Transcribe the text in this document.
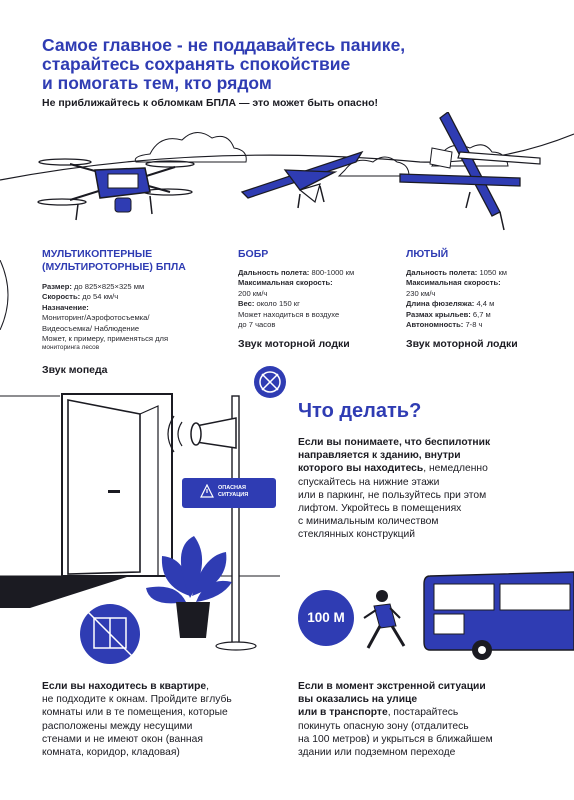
Самое главное - не поддавайтесь панике,
старайтесь сохранять спокойствие
и помогать тем, кто рядом
Не приближайтесь к обломкам БПЛА — это может быть опасно!
МУЛЬТИКОПТЕРНЫЕ
(МУЛЬТИРОТОРНЫЕ) БПЛА
Размер: до 825×825×325 мм
Скорость: до 54 км/ч
Назначение:
Мониторинг/Аэрофотосъемка/
Видеосъемка/ Наблюдение
Может, к примеру, применяться для
мониторинга лесов
Звук мопеда
БОБР
Дальность полета: 800-1000 км
Максимальная скорость:
200 км/ч
Вес: около 150 кг
Может находиться в воздухе
до 7 часов
Звук моторной лодки
ЛЮТЫЙ
Дальность полета: 1050 км
Максимальная скорость:
230 км/ч
Длина фюзеляжа: 4,4 м
Размах крыльев: 6,7 м
Автономность: 7-8 ч
Звук моторной лодки
ОПАСНАЯ
СИТУАЦИЯ
Что делать?
Если вы понимаете, что беспилотник
направляется к зданию, внутри
которого вы находитесь, немедленно
спускайтесь на нижние этажи
или в паркинг, не пользуйтесь при этом
лифтом. Укройтесь в помещениях
с минимальным количеством
стеклянных конструкций
100 М
Если вы находитесь в квартире,
не подходите к окнам. Пройдите вглубь
комнаты или в те помещения, которые
расположены между несущими
стенами и не имеют окон (ванная
комната, коридор, кладовая)
Если в момент экстренной ситуации
вы оказались на улице
или в транспорте, постарайтесь
покинуть опасную зону (отдалитесь
на 100 метров) и укрыться в ближайшем
здании или подземном переходе
